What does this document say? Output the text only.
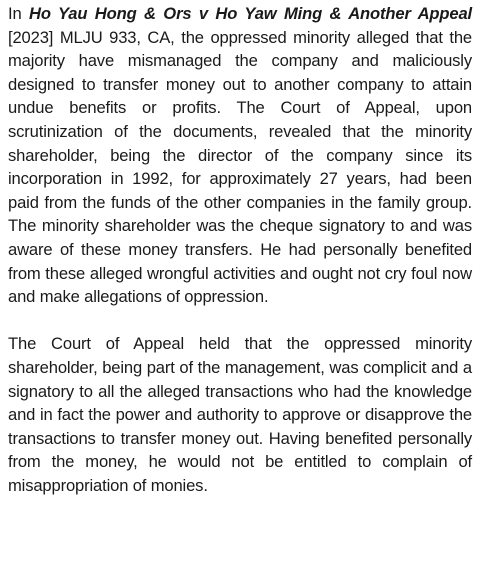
In Ho Yau Hong & Ors v Ho Yaw Ming & Another Appeal [2023] MLJU 933, CA, the oppressed minority alleged that the majority have mismanaged the company and maliciously designed to transfer money out to another company to attain undue benefits or profits. The Court of Appeal, upon scrutinization of the documents, revealed that the minority shareholder, being the director of the company since its incorporation in 1992, for approximately 27 years, had been paid from the funds of the other companies in the family group. The minority shareholder was the cheque signatory to and was aware of these money transfers. He had personally benefited from these alleged wrongful activities and ought not cry foul now and make allegations of oppression.

The Court of Appeal held that the oppressed minority shareholder, being part of the management, was complicit and a signatory to all the alleged transactions who had the knowledge and in fact the power and authority to approve or disapprove the transactions to transfer money out. Having benefited personally from the money, he would not be entitled to complain of misappropriation of monies.
